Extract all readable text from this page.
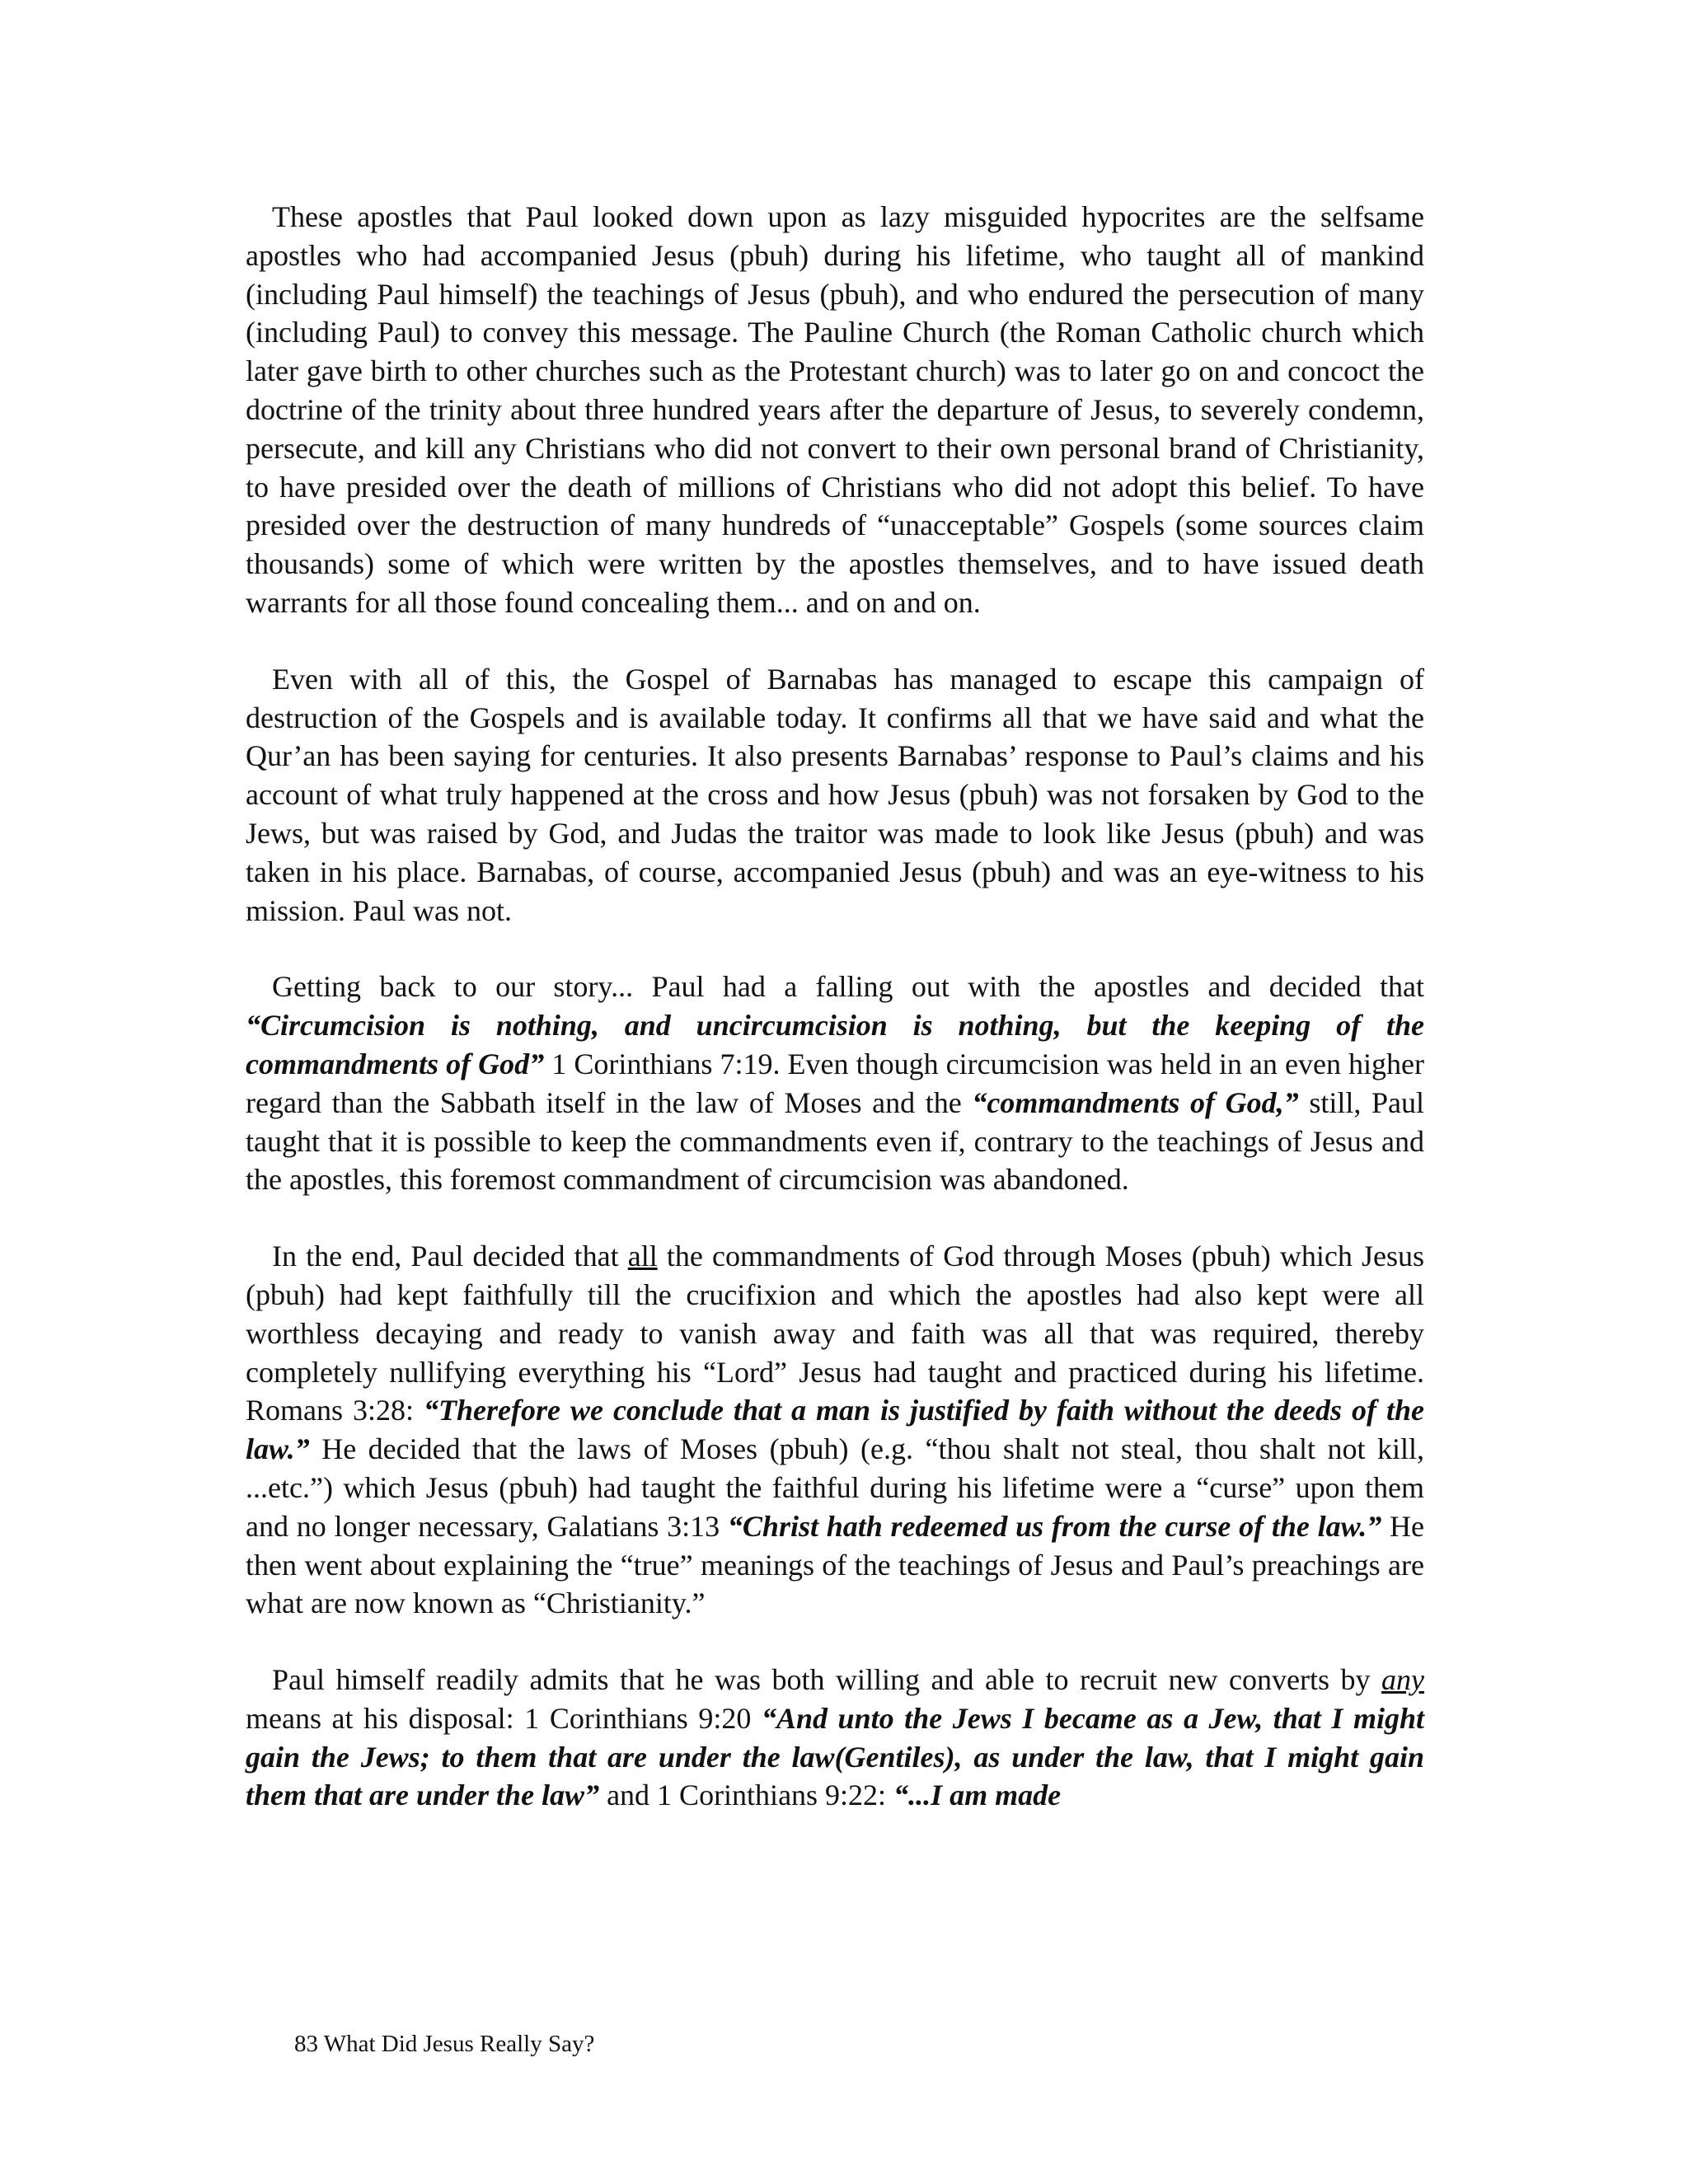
These apostles that Paul looked down upon as lazy misguided hypocrites are the selfsame apostles who had accompanied Jesus (pbuh) during his lifetime, who taught all of mankind (including Paul himself) the teachings of Jesus (pbuh), and who endured the persecution of many (including Paul) to convey this message. The Pauline Church (the Roman Catholic church which later gave birth to other churches such as the Protestant church) was to later go on and concoct the doctrine of the trinity about three hundred years after the departure of Jesus, to severely condemn, persecute, and kill any Christians who did not convert to their own personal brand of Christianity, to have presided over the death of millions of Christians who did not adopt this belief. To have presided over the destruction of many hundreds of “unacceptable” Gospels (some sources claim thousands) some of which were written by the apostles themselves, and to have issued death warrants for all those found concealing them... and on and on.

Even with all of this, the Gospel of Barnabas has managed to escape this campaign of destruction of the Gospels and is available today. It confirms all that we have said and what the Qur’an has been saying for centuries. It also presents Barnabas’ response to Paul’s claims and his account of what truly happened at the cross and how Jesus (pbuh) was not forsaken by God to the Jews, but was raised by God, and Judas the traitor was made to look like Jesus (pbuh) and was taken in his place. Barnabas, of course, accompanied Jesus (pbuh) and was an eye-witness to his mission. Paul was not.

Getting back to our story... Paul had a falling out with the apostles and decided that “Circumcision is nothing, and uncircumcision is nothing, but the keeping of the commandments of God” 1 Corinthians 7:19. Even though circumcision was held in an even higher regard than the Sabbath itself in the law of Moses and the “commandments of God,” still, Paul taught that it is possible to keep the commandments even if, contrary to the teachings of Jesus and the apostles, this foremost commandment of circumcision was abandoned.

In the end, Paul decided that all the commandments of God through Moses (pbuh) which Jesus (pbuh) had kept faithfully till the crucifixion and which the apostles had also kept were all worthless decaying and ready to vanish away and faith was all that was required, thereby completely nullifying everything his “Lord” Jesus had taught and practiced during his lifetime. Romans 3:28: “Therefore we conclude that a man is justified by faith without the deeds of the law.” He decided that the laws of Moses (pbuh) (e.g. “thou shalt not steal, thou shalt not kill, ...etc.”) which Jesus (pbuh) had taught the faithful during his lifetime were a “curse” upon them and no longer necessary, Galatians 3:13 “Christ hath redeemed us from the curse of the law.” He then went about explaining the “true” meanings of the teachings of Jesus and Paul’s preachings are what are now known as “Christianity.”

Paul himself readily admits that he was both willing and able to recruit new converts by any means at his disposal: 1 Corinthians 9:20 “And unto the Jews I became as a Jew, that I might gain the Jews; to them that are under the law(Gentiles), as under the law, that I might gain them that are under the law” and 1 Corinthians 9:22: “...I am made

83 What Did Jesus Really Say?
